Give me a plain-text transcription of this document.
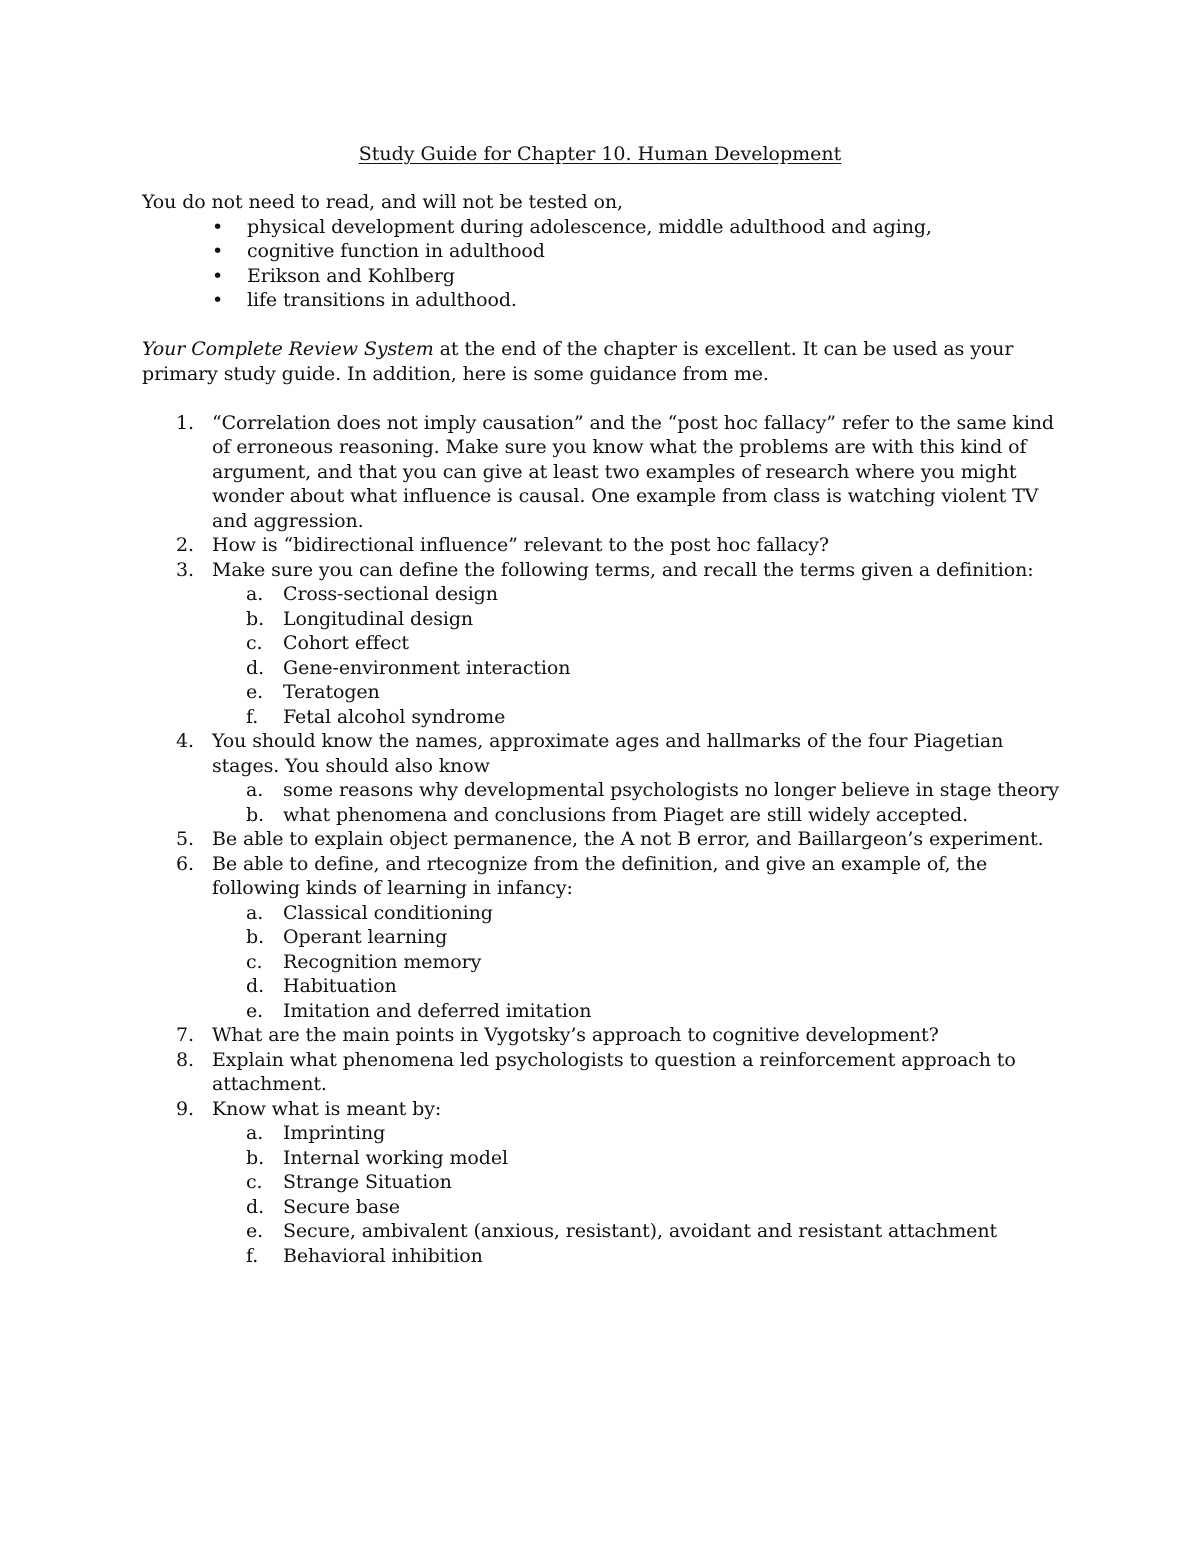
Study Guide for Chapter 10. Human Development

You do not need to read, and will not be tested on,

• physical development during adolescence, middle adulthood and aging,
• cognitive function in adulthood
• Erikson and Kohlberg
• life transitions in adulthood.

Your Complete Review System at the end of the chapter is excellent. It can be used as your primary study guide. In addition, here is some guidance from me.

1. “Correlation does not imply causation” and the “post hoc fallacy” refer to the same kind of erroneous reasoning. Make sure you know what the problems are with this kind of argument, and that you can give at least two examples of research where you might wonder about what influence is causal. One example from class is watching violent TV and aggression.
2. How is “bidirectional influence” relevant to the post hoc fallacy?
3. Make sure you can define the following terms, and recall the terms given a definition:
a. Cross-sectional design
b. Longitudinal design
c. Cohort effect
d. Gene-environment interaction
e. Teratogen
f. Fetal alcohol syndrome
4. You should know the names, approximate ages and hallmarks of the four Piagetian stages. You should also know
a. some reasons why developmental psychologists no longer believe in stage theory
b. what phenomena and conclusions from Piaget are still widely accepted.
5. Be able to explain object permanence, the A not B error, and Baillargeon’s experiment.
6. Be able to define, and rtecognize from the definition, and give an example of, the following kinds of learning in infancy:
a. Classical conditioning
b. Operant learning
c. Recognition memory
d. Habituation
e. Imitation and deferred imitation
7. What are the main points in Vygotsky’s approach to cognitive development?
8. Explain what phenomena led psychologists to question a reinforcement approach to attachment.
9. Know what is meant by:
a. Imprinting
b. Internal working model
c. Strange Situation
d. Secure base
e. Secure, ambivalent (anxious, resistant), avoidant and resistant attachment
f. Behavioral inhibition
